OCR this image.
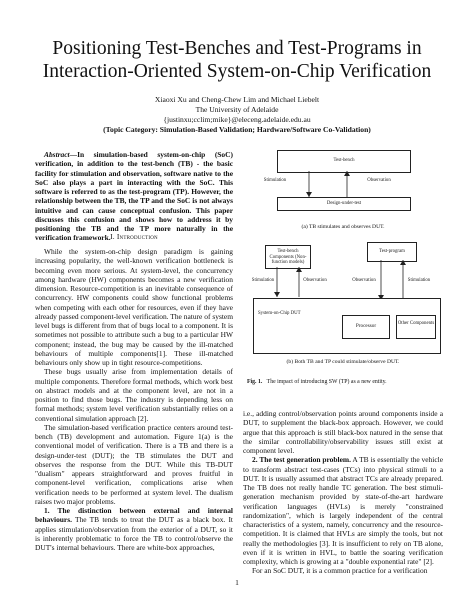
Positioning Test-Benches and Test-Programs in
Interaction-Oriented System-on-Chip Verification
Xiaoxi Xu and Cheng-Chew Lim and Michael Liebelt
The University of Adelaide
{justinxu;cclim;mike}@eleceng.adelaide.edu.au
(Topic Category: Simulation-Based Validation; Hardware/Software Co-Validation)

Abstract—In simulation-based system-on-chip (SoC) verification, in addition to the test-bench (TB) - the basic facility for stimulation and observation, software native to the SoC also plays a part in interacting with the SoC. This software is referred to as the test-program (TP). However, the relationship between the TB, the TP and the SoC is not always intuitive and can cause conceptual confusion. This paper discusses this confusion and shows how to address it by positioning the TB and the TP more naturally in the verification framework. I. Introduction

While the system-on-chip design paradigm is gaining increasing popularity, the well-known verification bottleneck is becoming even more serious. At system-level, the concurrency among hardware (HW) components becomes a new verification dimension. Resource-competition is an inevitable consequence of concurrency. HW components could show functional problems when competing with each other for resources, even if they have already passed component-level verification. The nature of system level bugs is different from that of bugs local to a component. It is sometimes not possible to attribute such a bug to a particular HW component; instead, the bug may be caused by the ill-matched behaviours of multiple components[1]. These ill-matched behaviours only show up in tight resource-competitions.

These bugs usually arise from implementation details of multiple components. Therefore formal methods, which work best on abstract models and at the component level, are not in a position to find those bugs. The industry is depending less on formal methods; system level verification substantially relies on a conventional simulation approach [2].

The simulation-based verification practice centers around test-bench (TB) development and automation. Figure 1(a) is the conventional model of verification. There is a TB and there is a design-under-test (DUT); the TB stimulates the DUT and observes the response from the DUT. While this TB-DUT "dualism" appears straightforward and proves fruitful in component-level verification, complications arise when verification needs to be performed at system level. The dualism raises two major problems.

1. The distinction between external and internal behaviours. The TB tends to treat the DUT as a black box. It applies stimulation/observation from the exterior of a DUT, so it is inherently problematic to force the TB to control/observe the DUT's internal behaviours. There are white-box approaches,

Test-bench
Stimulation	Observation
Design-under-test
(a) TB stimulates and observes DUT.
Test-bench Components (Non-function models)
Test-program
Stimulation	Observation	Observation	Stimulation
System-on-Chip DUT
Processor	Other Components
(b) Both TB and TP could stimulate/observe DUT.
Fig. 1. The impact of introducing SW (TP) as a new entity.

i.e., adding control/observation points around components inside a DUT, to supplement the black-box approach. However, we could argue that this approach is still black-box natured in the sense that the similar controllability/observability issues still exist at component level.

2. The test generation problem. A TB is essentially the vehicle to transform abstract test-cases (TCs) into physical stimuli to a DUT. It is usually assumed that abstract TCs are already prepared. The TB does not really handle TC generation. The best stimuli-generation mechanism provided by state-of-the-art hardware verification languages (HVLs) is merely "constrained randomization", which is largely independent of the central characteristics of a system, namely, concurrency and the resource-competition. It is claimed that HVLs are simply the tools, but not really the methodologies [3]. It is insufficient to rely on TB alone, even if it is written in HVL, to battle the soaring verification complexity, which is growing at a "double exponential rate" [2].

For an SoC DUT, it is a common practice for a verification

1
